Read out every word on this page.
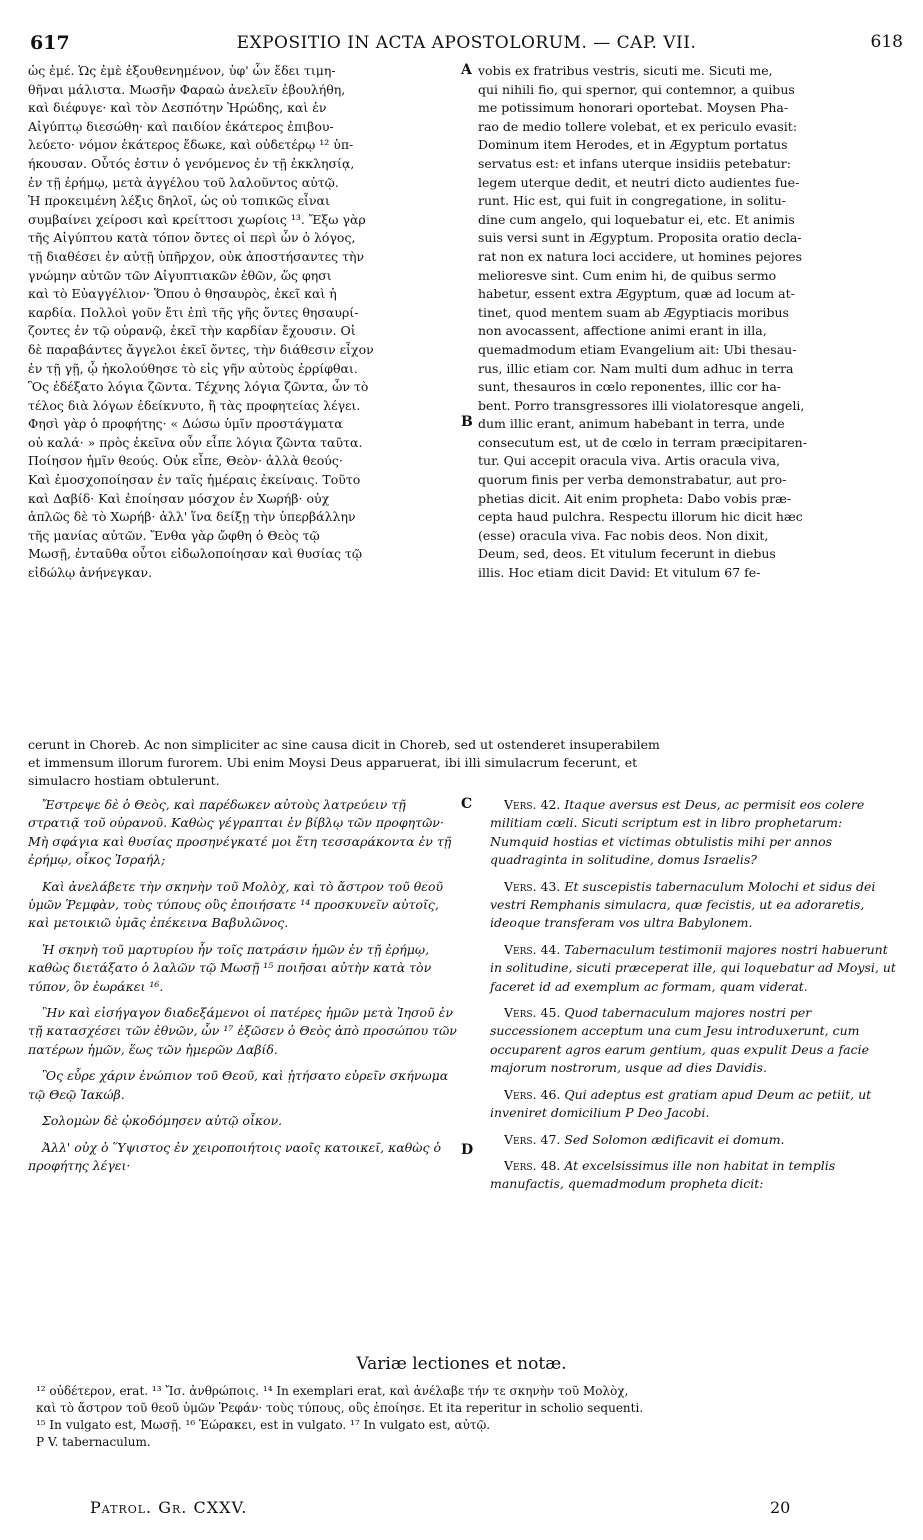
617	EXPOSITIO IN ACTA APOSTOLORUM. — CAP. VII.	618
ὡς ἐμέ. Ὡς ἐμὲ ἐξουθενημένον, ὑφ' ὧν ἔδει τιμη-
θῆναι μάλιστα. Μωσῆν Φαραὼ ἀνελεῖν ἐβουλήθη,
καὶ διέφυγε· καὶ τὸν Δεσπότην Ἡρώδης, καὶ ἐν
Αἰγύπτῳ διεσώθη· καὶ παιδίον ἑκάτερος ἐπιβου-
λεύετο· νόμον ἑκάτερος ἔδωκε, καὶ οὐδετέρῳ ¹² ὑπ-
ήκουσαν. Οὗτός ἐστιν ὁ γενόμενος ἐν τῇ ἐκκλησίᾳ,
ἐν τῇ ἐρήμῳ, μετὰ ἀγγέλου τοῦ λαλοῦντος αὐτῷ.
Ἡ προκειμένη λέξις δηλοῖ, ὡς οὐ τοπικῶς εἶναι
συμβαίνει χείροσι καὶ κρείττοσι χωρίοις ¹³. Ἔξω γὰρ
τῆς Αἰγύπτου κατὰ τόπον ὄντες οἱ περὶ ὧν ὁ λόγος,
τῇ διαθέσει ἐν αὐτῇ ὑπῆρχον, οὐκ ἀποστήσαντες τὴν
γνώμην αὐτῶν τῶν Αἰγυπτιακῶν ἐθῶν, ὥς φησι
καὶ τὸ Εὐαγγέλιον· Ὅπου ὁ θησαυρὸς, ἐκεῖ καὶ ἡ
καρδία. Πολλοὶ γοῦν ἔτι ἐπὶ τῆς γῆς ὄντες θησαυρί-
ζοντες ἐν τῷ οὐρανῷ, ἐκεῖ τὴν καρδίαν ἔχουσιν. Οἱ
δὲ παραβάντες ἄγγελοι ἐκεῖ ὄντες, τὴν διάθεσιν εἶχον
ἐν τῇ γῇ, ᾧ ἠκολούθησε τὸ εἰς γῆν αὐτοὺς ἐρρίφθαι.
Ὃς ἐδέξατο λόγια ζῶντα. Τέχνης λόγια ζῶντα, ὧν τὸ
τέλος διὰ λόγων ἐδείκνυτο, ἢ τὰς προφητείας λέγει.
Φησὶ γὰρ ὁ προφήτης· « Δώσω ὑμῖν προστάγματα
οὐ καλά· » πρὸς ἐκεῖνα οὖν εἶπε λόγια ζῶντα ταῦτα.
Ποίησον ἡμῖν θεούς. Οὐκ εἶπε, Θεὸν· ἀλλὰ θεούς·
Καὶ ἐμοσχοποίησαν ἐν ταῖς ἡμέραις ἐκείναις. Τοῦτο
καὶ Δαβίδ· Καὶ ἐποίησαν μόσχον ἐν Χωρήβ· οὐχ
ἁπλῶς δὲ τὸ Χωρήβ· ἀλλ' ἵνα δείξῃ τὴν ὑπερβάλλην
τῆς μανίας αὐτῶν. Ἔνθα γὰρ ὤφθη ὁ Θεὸς τῷ
Μωσῇ, ἐνταῦθα οὗτοι εἰδωλοποίησαν καὶ θυσίας τῷ
εἰδώλῳ ἀνήνεγκαν.
vobis ex fratribus vestris, sicuti me. Sicuti me,
qui nihili fio, qui spernor, qui contemnor, a quibus
me potissimum honorari oportebat. Moysen Pha-
rao de medio tollere volebat, et ex periculo evasit:
Dominum item Herodes, et in Ægyptum portatus
servatus est: et infans uterque insidiis petebatur:
legem uterque dedit, et neutri dicto audientes fue-
runt. Hic est, qui fuit in congregatione, in solitu-
dine cum angelo, qui loquebatur ei, etc. Et animis
suis versi sunt in Ægyptum. Proposita oratio decla-
rat non ex natura loci accidere, ut homines pejores
melioresve sint. Cum enim hi, de quibus sermo
habetur, essent extra Ægyptum, quæ ad locum at-
tinet, quod mentem suam ab Ægyptiacis moribus
non avocassent, affectione animi erant in illa,
quemadmodum etiam Evangelium ait: Ubi thesau-
rus, illic etiam cor. Nam multi dum adhuc in terra
sunt, thesauros in cœlo reponentes, illic cor ha-
bent. Porro transgressores illi violatoresque angeli,
dum illic erant, animum habebant in terra, unde
consecutum est, ut de cœlo in terram præcipitaren-
tur. Qui accepit oracula viva. Artis oracula viva,
quorum finis per verba demonstrabatur, aut pro-
phetias dicit. Ait enim propheta: Dabo vobis præ-
cepta haud pulchra. Respectu illorum hic dicit hæc
(esse) oracula viva. Fac nobis deos. Non dixit,
Deum, sed, deos. Et vitulum fecerunt in diebus
illis. Hoc etiam dicit David: Et vitulum 67 fe-
A
B
C
D
cerunt in Choreb. Ac non simpliciter ac sine causa dicit in Choreb, sed ut ostenderet insuperabilem
et immensum illorum furorem. Ubi enim Moysi Deus apparuerat, ibi illi simulacrum fecerunt, et
simulacro hostiam obtulerunt.

Ἔστρεψε δὲ ὁ Θεὸς, καὶ παρέδωκεν αὐτοὺς λατρεύειν τῇ στρατιᾷ τοῦ οὐρανοῦ. Καθὼς γέγραπται ἐν βίβλῳ τῶν προφητῶν· Μὴ σφάγια καὶ θυσίας προσηνέγκατέ μοι ἔτη τεσσαράκοντα ἐν τῇ ἐρήμῳ, οἶκος Ἰσραήλ;

Καὶ ἀνελάβετε τὴν σκηνὴν τοῦ Μολὸχ, καὶ τὸ ἄστρον τοῦ θεοῦ ὑμῶν Ῥεμφὰν, τοὺς τύπους οὓς ἐποιήσατε ¹⁴ προσκυνεῖν αὐτοῖς, καὶ μετοικιῶ ὑμᾶς ἐπέκεινα Βαβυλῶνος.

Ἡ σκηνὴ τοῦ μαρτυρίου ἦν τοῖς πατράσιν ἡμῶν ἐν τῇ ἐρήμῳ, καθὼς διετάξατο ὁ λαλῶν τῷ Μωσῇ ¹⁵ ποιῆσαι αὐτὴν κατὰ τὸν τύπον, ὃν ἑωράκει ¹⁶.

Ἣν καὶ εἰσήγαγον διαδεξάμενοι οἱ πατέρες ἡμῶν μετὰ Ἰησοῦ ἐν τῇ κατασχέσει τῶν ἐθνῶν, ὧν ¹⁷ ἐξῶσεν ὁ Θεὸς ἀπὸ προσώπου τῶν πατέρων ἡμῶν, ἕως τῶν ἡμερῶν Δαβίδ.

Ὃς εὗρε χάριν ἐνώπιον τοῦ Θεοῦ, καὶ ᾐτήσατο εὑρεῖν σκήνωμα τῷ Θεῷ Ἰακώβ.

Σολομὼν δὲ ᾠκοδόμησεν αὐτῷ οἶκον.

Ἀλλ' οὐχ ὁ Ὕψιστος ἐν χειροποιήτοις ναοῖς κατοικεῖ, καθὼς ὁ προφήτης λέγει·

Vers. 42. Itaque aversus est Deus, ac permisit eos colere militiam cœli. Sicuti scriptum est in libro prophetarum: Numquid hostias et victimas obtulistis mihi per annos quadraginta in solitudine, domus Israelis?

Vers. 43. Et suscepistis tabernaculum Molochi et sidus dei vestri Remphanis simulacra, quæ fecistis, ut ea adoraretis, ideoque transferam vos ultra Babylonem.

Vers. 44. Tabernaculum testimonii majores nostri habuerunt in solitudine, sicuti præceperat ille, qui loquebatur ad Moysi, ut faceret id ad exemplum ac formam, quam viderat.

Vers. 45. Quod tabernaculum majores nostri per successionem acceptum una cum Jesu introduxerunt, cum occuparent agros earum gentium, quas expulit Deus a facie majorum nostrorum, usque ad dies Davidis.

Vers. 46. Qui adeptus est gratiam apud Deum ac petiit, ut inveniret domicilium P Deo Jacobi.

Vers. 47. Sed Solomon ædificavit ei domum.

Vers. 48. At excelsissimus ille non habitat in templis manufactis, quemadmodum propheta dicit:

Variæ lectiones et notæ.
¹² οὐδέτερον, erat. ¹³ Ἴσ. ἀνθρώποις. ¹⁴ In exemplari erat, καὶ ἀνέλαβε τήν τε σκηνὴν τοῦ Μολὸχ,
καὶ τὸ ἄστρον τοῦ θεοῦ ὑμῶν Ῥεφάν· τοὺς τύπους, οὓς ἐποίησε. Et ita reperitur in scholio sequenti.
¹⁵ In vulgato est, Μωσῇ. ¹⁶ Ἑώρακει, est in vulgato. ¹⁷ In vulgato est, αὐτῷ.
P V. tabernaculum.
Patrol. Gr. CXXV.	20
